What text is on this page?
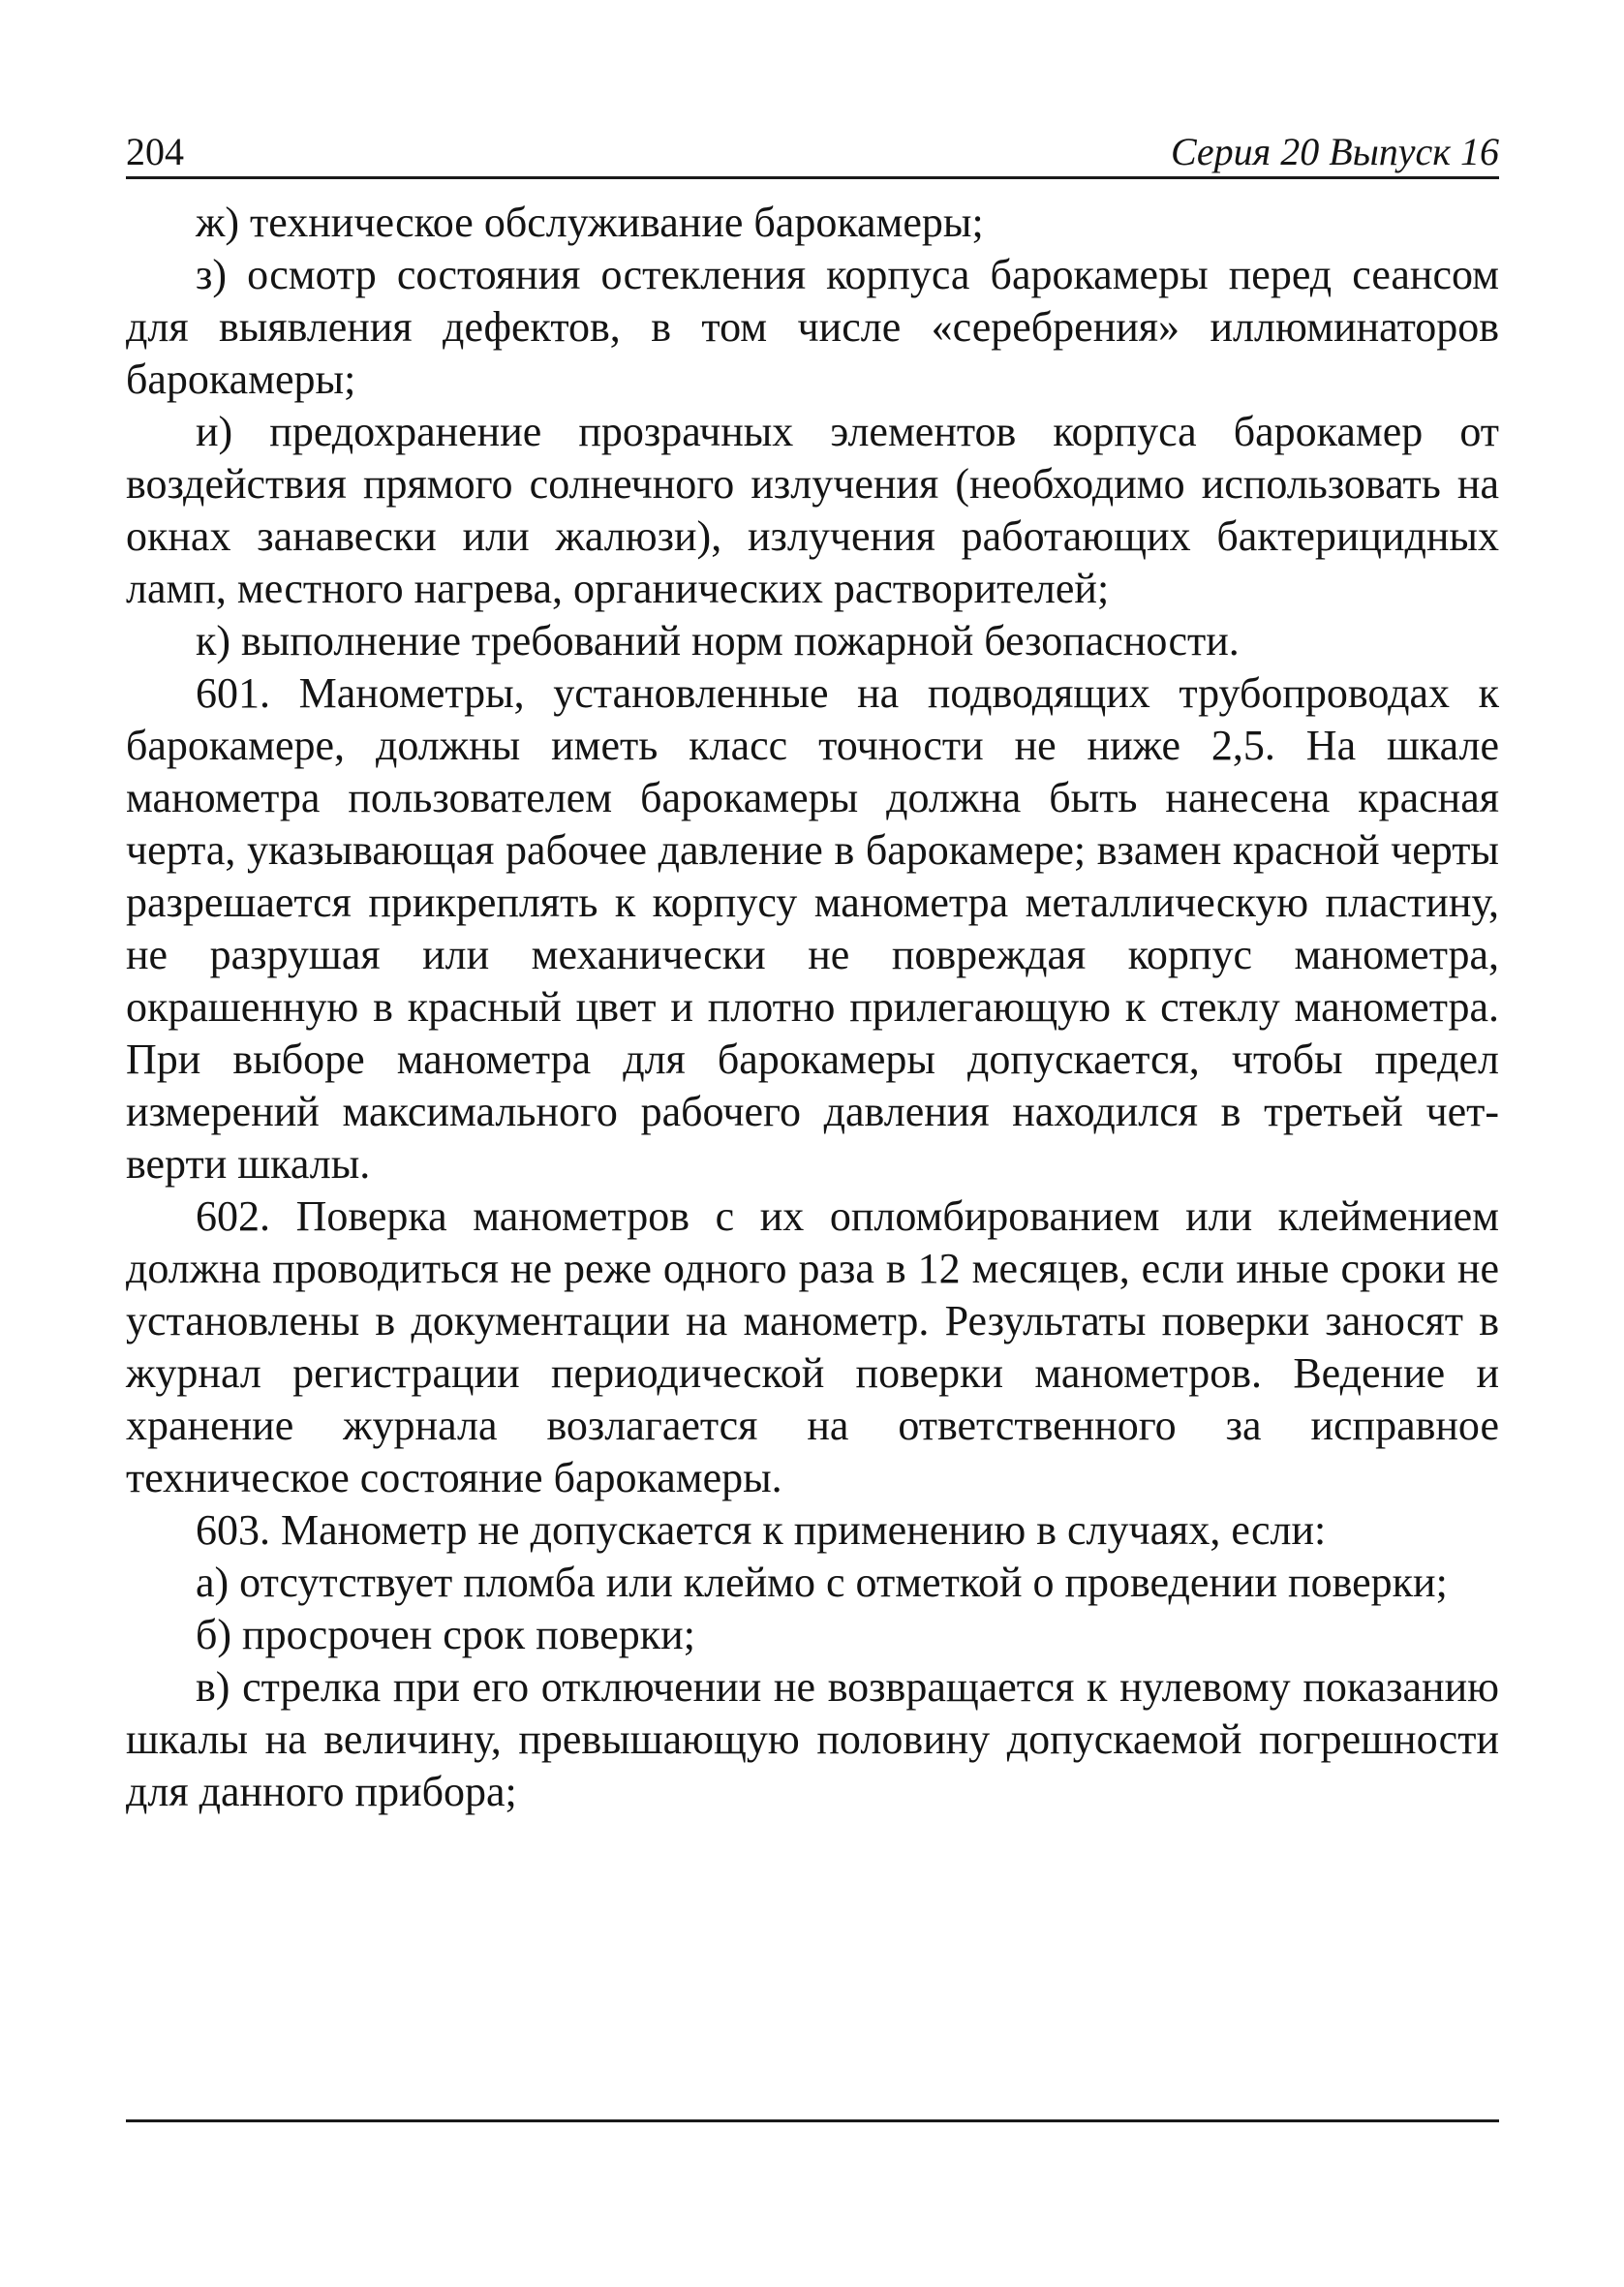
204	Серия 20 Выпуск 16

ж) техническое обслуживание барокамеры;

з) осмотр состояния остекления корпуса барокамеры перед сеансом для выявления дефектов, в том числе «серебрения» иллюминаторов барокамеры;

и) предохранение прозрачных элементов корпуса барокамер от воздействия прямого солнечного излучения (необходимо использовать на окнах занавески или жалюзи), излучения работающих бактерицидных ламп, местного нагрева, органических растворителей;

к) выполнение требований норм пожарной безопасности.

601. Манометры, установленные на подводящих трубопроводах к барокамере, должны иметь класс точности не ниже 2,5. На шкале манометра пользователем барокамеры должна быть нанесена красная черта, указывающая рабочее давление в бaрокамере; взамен красной черты разрешается прикреплять к корпусу манометра металлическую пластину, не разрушая или механически не повреждая корпус манометра, окрашенную в красный цвет и плотно прилегающую к стеклу манометра. При выборе манометра для барокамеры допускается, чтобы предел измерений максимального рабочего давления находился в третьей четверти шкалы.

602. Поверка манометров с их опломбированием или клеймением должна проводиться не реже одного раза в 12 месяцев, если иные сроки не установлены в документации на манометр. Результаты поверки заносят в журнал регистрации периодической поверки манометров. Ведение и хранение журнала возлагается на ответственного за исправное техническое состояние барокамеры.

603. Манометр не допускается к применению в случаях, если:

а) отсутствует пломба или клеймо с отметкой о проведении поверки;

б) просрочен срок поверки;

в) стрелка при его отключении не возвращается к нулевому показанию шкалы на величину, превышающую половину допускаемой погрешности для данного прибора;
